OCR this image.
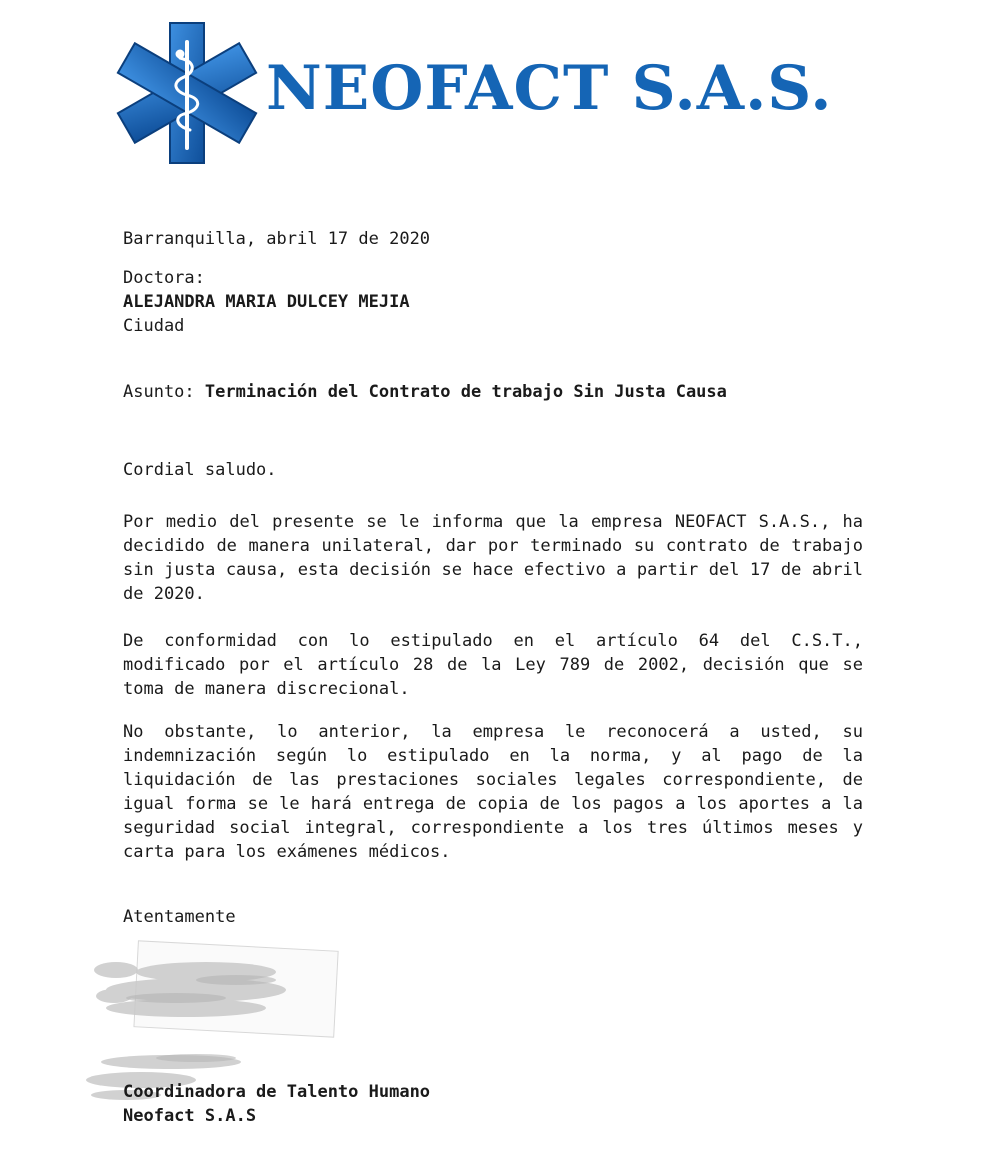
NEOFACT S.A.S.
Barranquilla, abril 17 de 2020
Doctora:
ALEJANDRA MARIA DULCEY MEJIA
Ciudad
Asunto: Terminación del Contrato de trabajo Sin Justa Causa
Cordial saludo.

Por medio del presente se le informa que la empresa NEOFACT S.A.S., ha decidido de manera unilateral, dar por terminado su contrato de trabajo sin justa causa, esta decisión se hace efectivo a partir del 17 de abril de 2020.

De conformidad con lo estipulado en el artículo 64 del C.S.T., modificado por el artículo 28 de la Ley 789 de 2002, decisión que se toma de manera discrecional.

No obstante, lo anterior, la empresa le reconocerá a usted, su indemnización según lo estipulado en la norma, y al pago de la liquidación de las prestaciones sociales legales correspondiente, de igual forma se le hará entrega de copia de los pagos a los aportes a la seguridad social integral, correspondiente a los tres últimos meses y carta para los exámenes médicos.

Atentamente
Coordinadora de Talento Humano
Neofact S.A.S
